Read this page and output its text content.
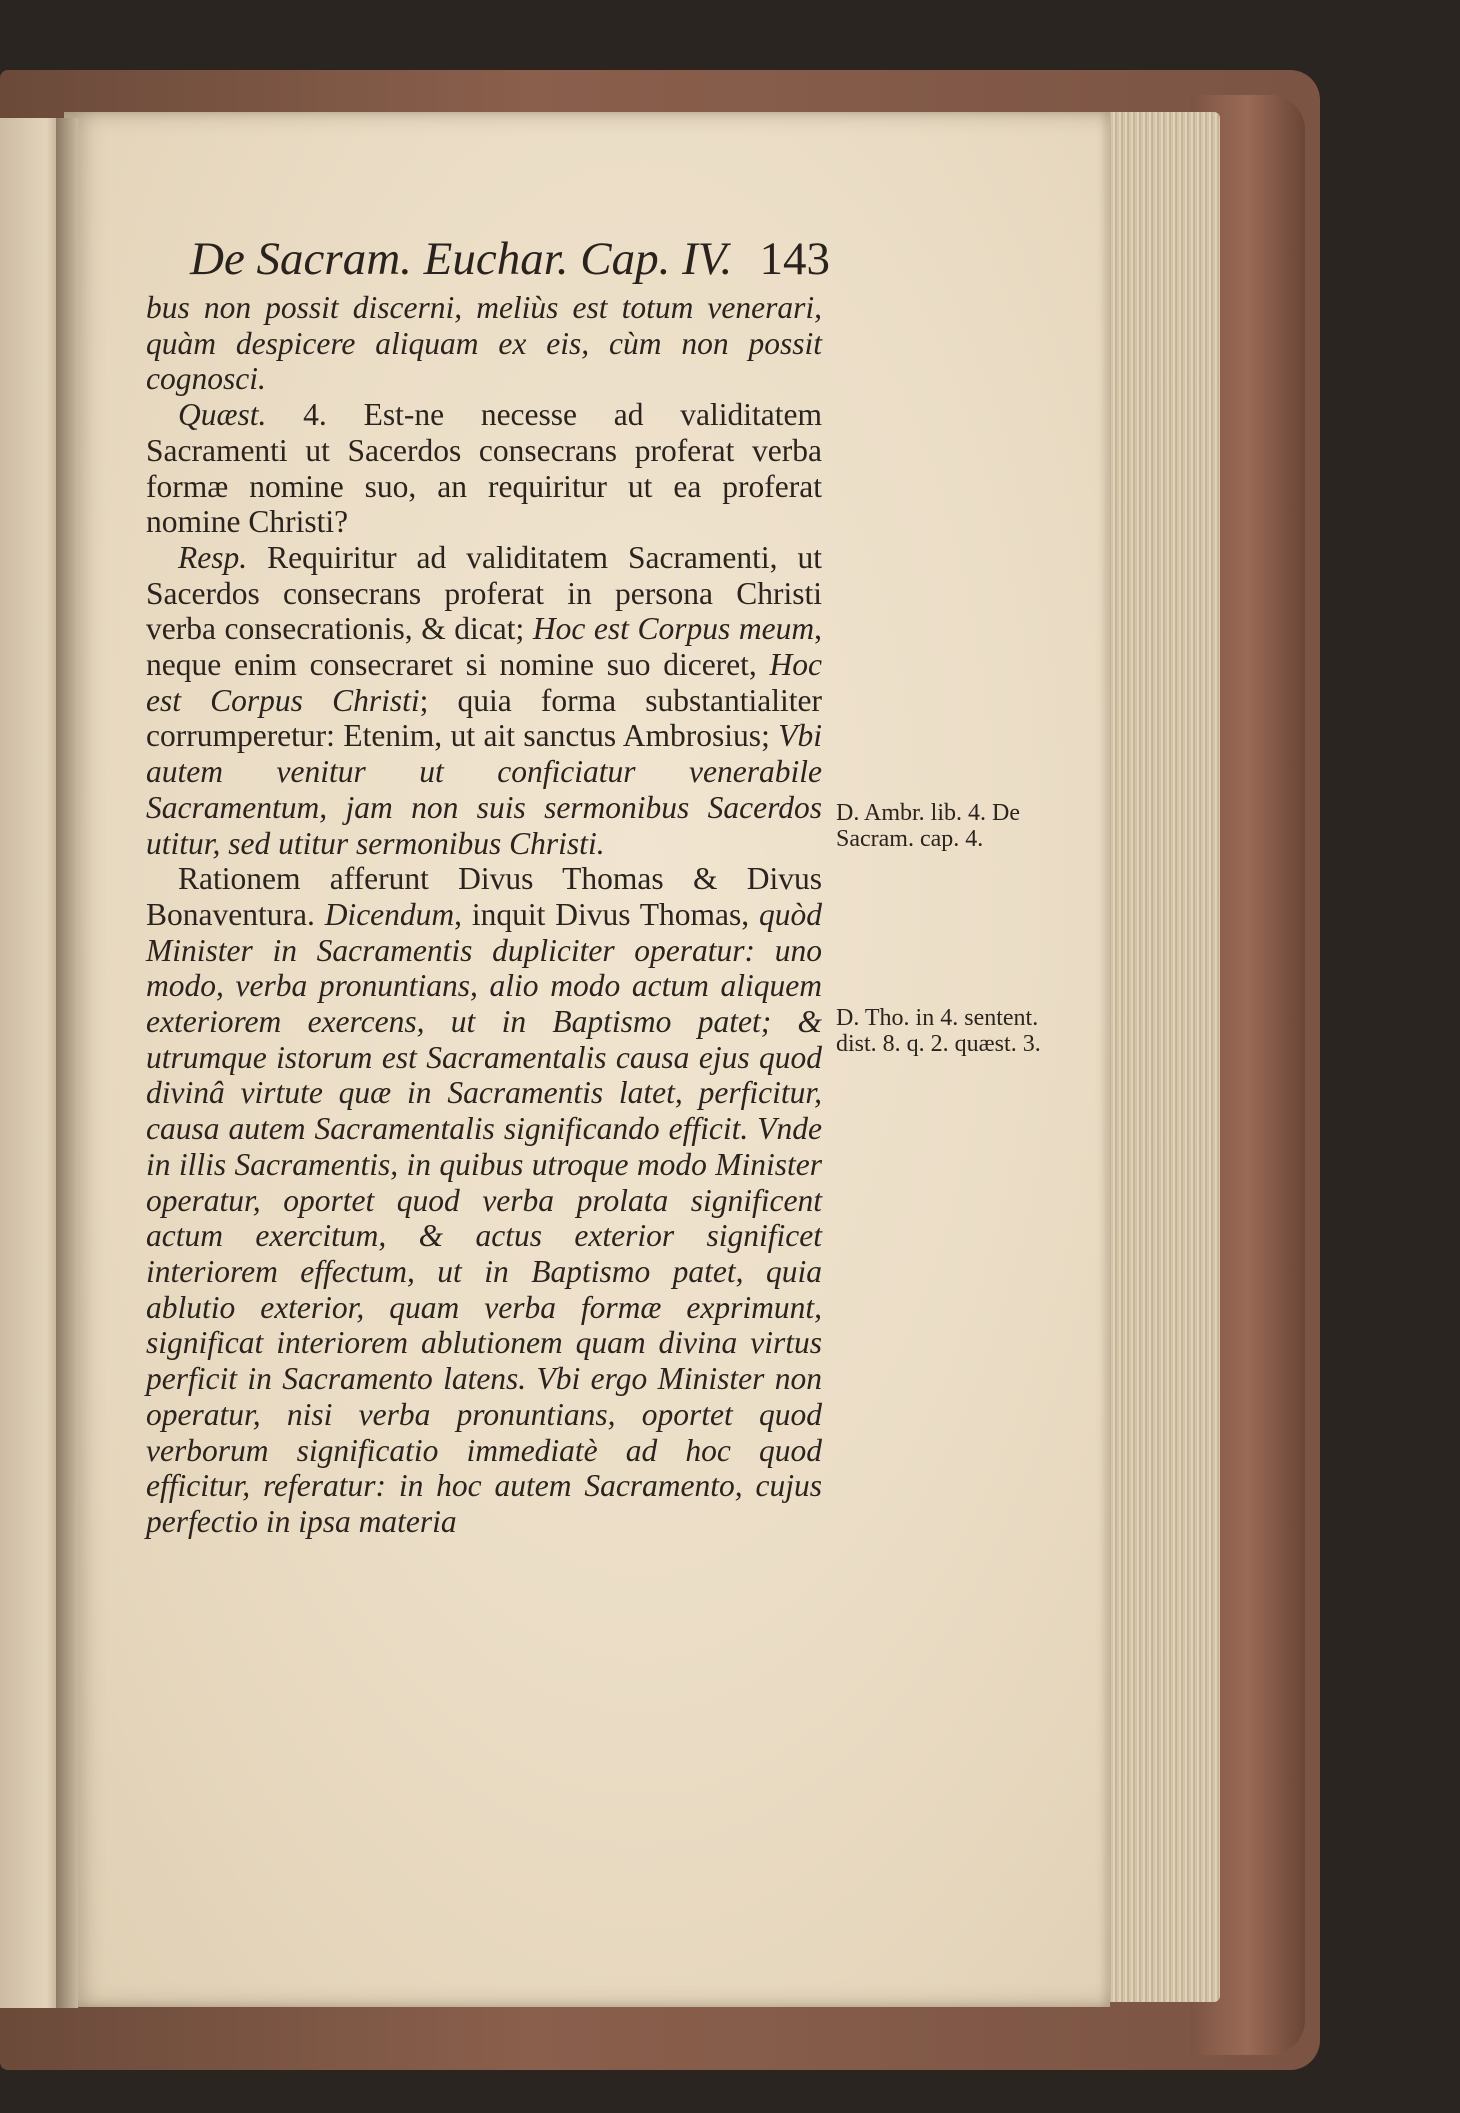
De Sacram. Euchar. Cap. IV. 143

bus non possit discerni, meliùs est totum venerari, quàm despicere aliquam ex eis, cùm non possit cognosci.

Quæst. 4. Est-ne necesse ad validitatem Sacramenti ut Sacerdos consecrans proferat verba formæ nomine suo, an requiritur ut ea proferat nomine Christi?

Resp. Requiritur ad validitatem Sacramenti, ut Sacerdos consecrans proferat in persona Christi verba consecrationis, & dicat; Hoc est Corpus meum, neque enim consecraret si nomine suo diceret, Hoc est Corpus Christi; quia forma substantialiter corrumperetur: Etenim, ut ait sanctus Ambrosius; Vbi autem venitur ut conficiatur venerabile Sacramentum, jam non suis sermonibus Sacerdos utitur, sed utitur sermonibus Christi.

Rationem afferunt Divus Thomas & Divus Bonaventura. Dicendum, inquit Divus Thomas, quòd Minister in Sacramentis dupliciter operatur: uno modo, verba pronuntians, alio modo actum aliquem exteriorem exercens, ut in Baptismo patet; & utrumque istorum est Sacramentalis causa ejus quod divinâ virtute quæ in Sacramentis latet, perficitur, causa autem Sacramentalis significando efficit. Vnde in illis Sacramentis, in quibus utroque modo Minister operatur, oportet quod verba prolata significent actum exercitum, & actus exterior significet interiorem effectum, ut in Baptismo patet, quia ablutio exterior, quam verba formæ exprimunt, significat interiorem ablutionem quam divina virtus perficit in Sacramento latens. Vbi ergo Minister non operatur, nisi verba pronuntians, oportet quod verborum significatio immediatè ad hoc quod efficitur, referatur: in hoc autem Sacramento, cujus perfectio in ipsa materia

D. Ambr. lib. 4. De Sacram. cap. 4.
D. Tho. in 4. sentent. dist. 8. q. 2. quæst. 3.
